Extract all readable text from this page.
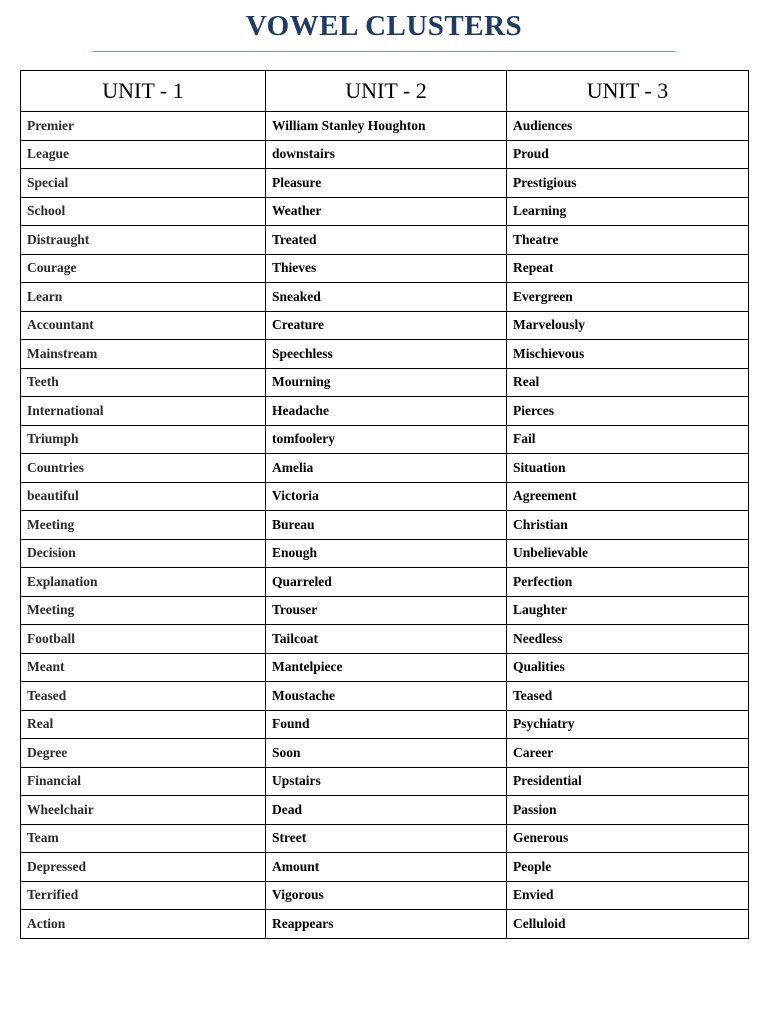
VOWEL CLUSTERS
UNIT - 1	UNIT - 2	UNIT - 3
Premier	William Stanley Houghton	Audiences
League	downstairs	Proud
Special	Pleasure	Prestigious
School	Weather	Learning
Distraught	Treated	Theatre
Courage	Thieves	Repeat
Learn	Sneaked	Evergreen
Accountant	Creature	Marvelously
Mainstream	Speechless	Mischievous
Teeth	Mourning	Real
International	Headache	Pierces
Triumph	tomfoolery	Fail
Countries	Amelia	Situation
beautiful	Victoria	Agreement
Meeting	Bureau	Christian
Decision	Enough	Unbelievable
Explanation	Quarreled	Perfection
Meeting	Trouser	Laughter
Football	Tailcoat	Needless
Meant	Mantelpiece	Qualities
Teased	Moustache	Teased
Real	Found	Psychiatry
Degree	Soon	Career
Financial	Upstairs	Presidential
Wheelchair	Dead	Passion
Team	Street	Generous
Depressed	Amount	People
Terrified	Vigorous	Envied
Action	Reappears	Celluloid
